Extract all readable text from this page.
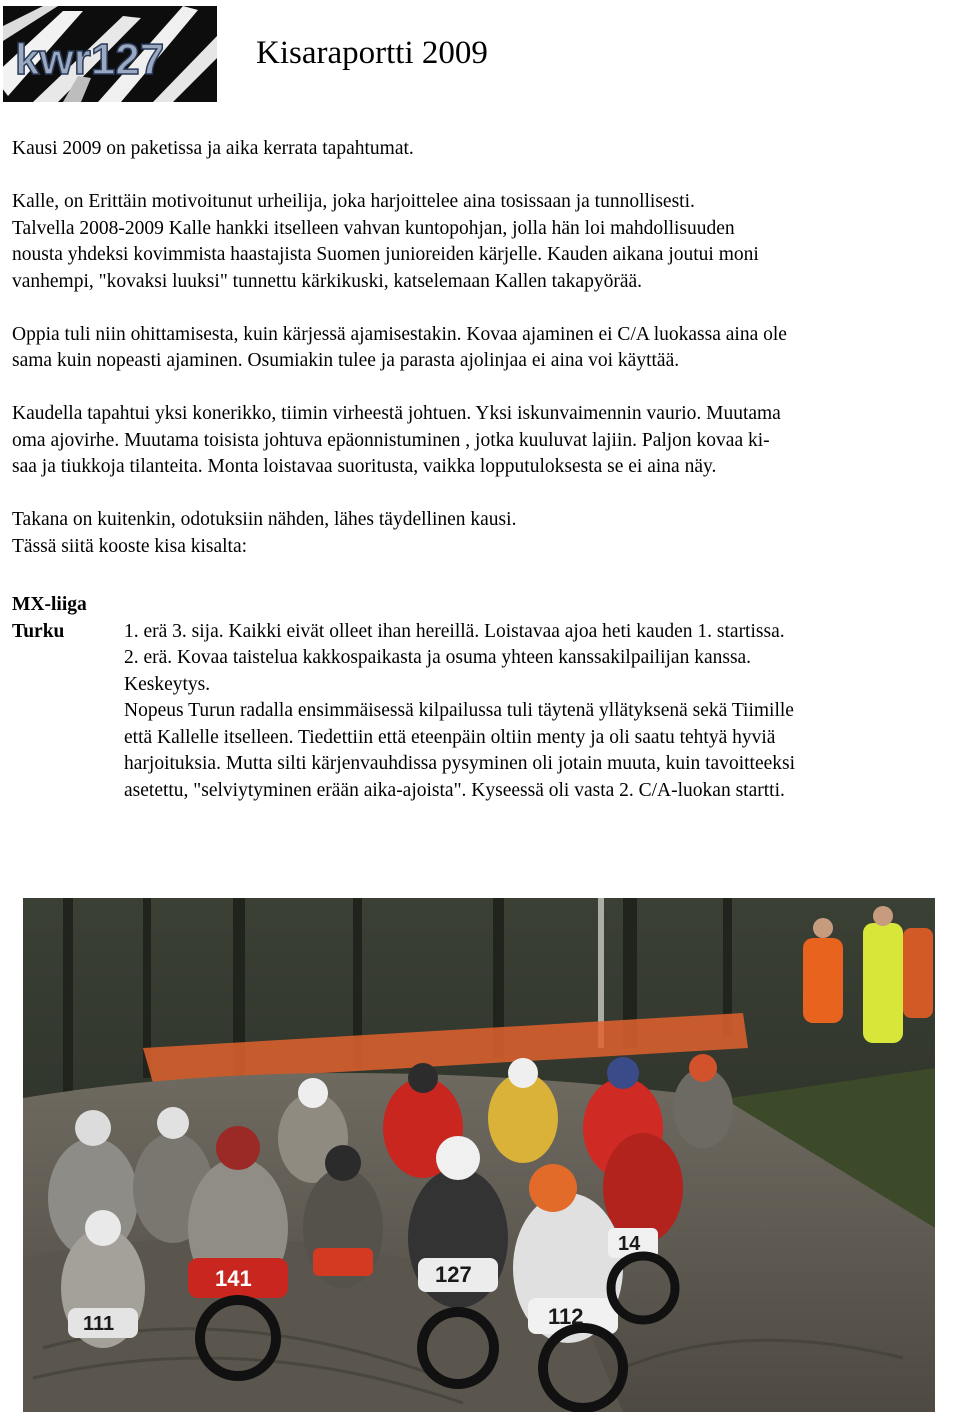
kwr127	Kisaraportti 2009

Kausi 2009 on paketissa ja aika kerrata tapahtumat.

Kalle, on Erittäin motivoitunut urheilija, joka harjoittelee aina tosissaan ja tunnollisesti.
Talvella 2008-2009 Kalle hankki itselleen vahvan kuntopohjan, jolla hän loi mahdollisuuden
nousta yhdeksi kovimmista haastajista Suomen junioreiden kärjelle. Kauden aikana joutui moni
vanhempi, "kovaksi luuksi" tunnettu kärkikuski, katselemaan Kallen takapyörää.

Oppia tuli niin ohittamisesta, kuin kärjessä ajamisestakin. Kovaa ajaminen ei C/A luokassa aina ole
sama kuin nopeasti ajaminen. Osumiakin tulee ja parasta ajolinjaa ei aina voi käyttää.

Kaudella tapahtui yksi konerikko, tiimin virheestä johtuen. Yksi iskunvaimennin vaurio. Muutama
oma ajovirhe. Muutama toisista johtuva epäonnistuminen , jotka kuuluvat lajiin. Paljon kovaa ki-
saa ja tiukkoja tilanteita. Monta loistavaa suoritusta, vaikka lopputuloksesta se ei aina näy.

Takana on kuitenkin, odotuksiin nähden, lähes täydellinen kausi.
Tässä siitä kooste kisa kisalta:

MX-liiga
Turku	1. erä 3. sija. Kaikki eivät olleet ihan hereillä. Loistavaa ajoa heti kauden 1. startissa.
2. erä. Kovaa taistelua kakkospaikasta ja osuma yhteen kanssakilpailijan kanssa.
Keskeytys.
Nopeus Turun radalla ensimmäisessä kilpailussa tuli täytenä yllätyksenä sekä Tiimille
että Kallelle itselleen. Tiedettiin että eteenpäin oltiin menty ja oli saatu tehtyä hyviä
harjoituksia. Mutta silti kärjenvauhdissa pysyminen oli jotain muuta, kuin tavoitteeksi
asetettu, "selviytyminen erään aika-ajoista". Kyseessä oli vasta 2. C/A-luokan startti.
141
111
127
112
14
